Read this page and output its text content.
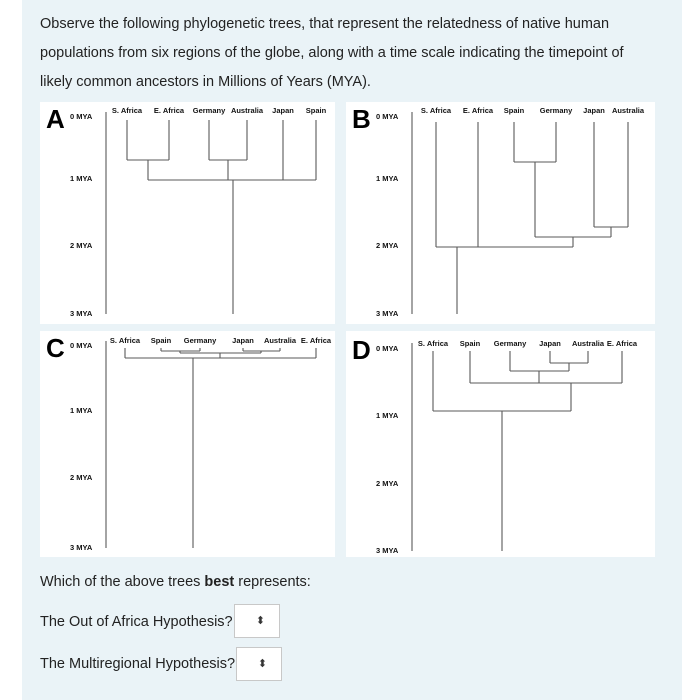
Observe the following phylogenetic trees, that represent the relatedness of native human populations from six regions of the globe, along with a time scale indicating the timepoint of likely common ancestors in Millions of Years (MYA).

A 0 MYA
1 MYA
2 MYA
3 MYA
S. Africa E. Africa Germany Australia Japan Spain B 0 MYA
1 MYA
2 MYA
3 MYA
S. Africa E. Africa Spain Germany Japan Australia
C 0 MYA
1 MYA
2 MYA
3 MYA
S. Africa Spain Germany Japan Australia E. Africa D 0 MYA
1 MYA
2 MYA
3 MYA
S. Africa Spain Germany Japan Australia E. Africa

Which of the above trees best represents:

The Out of Africa Hypothesis? ⬍

The Multiregional Hypothesis? ⬍
